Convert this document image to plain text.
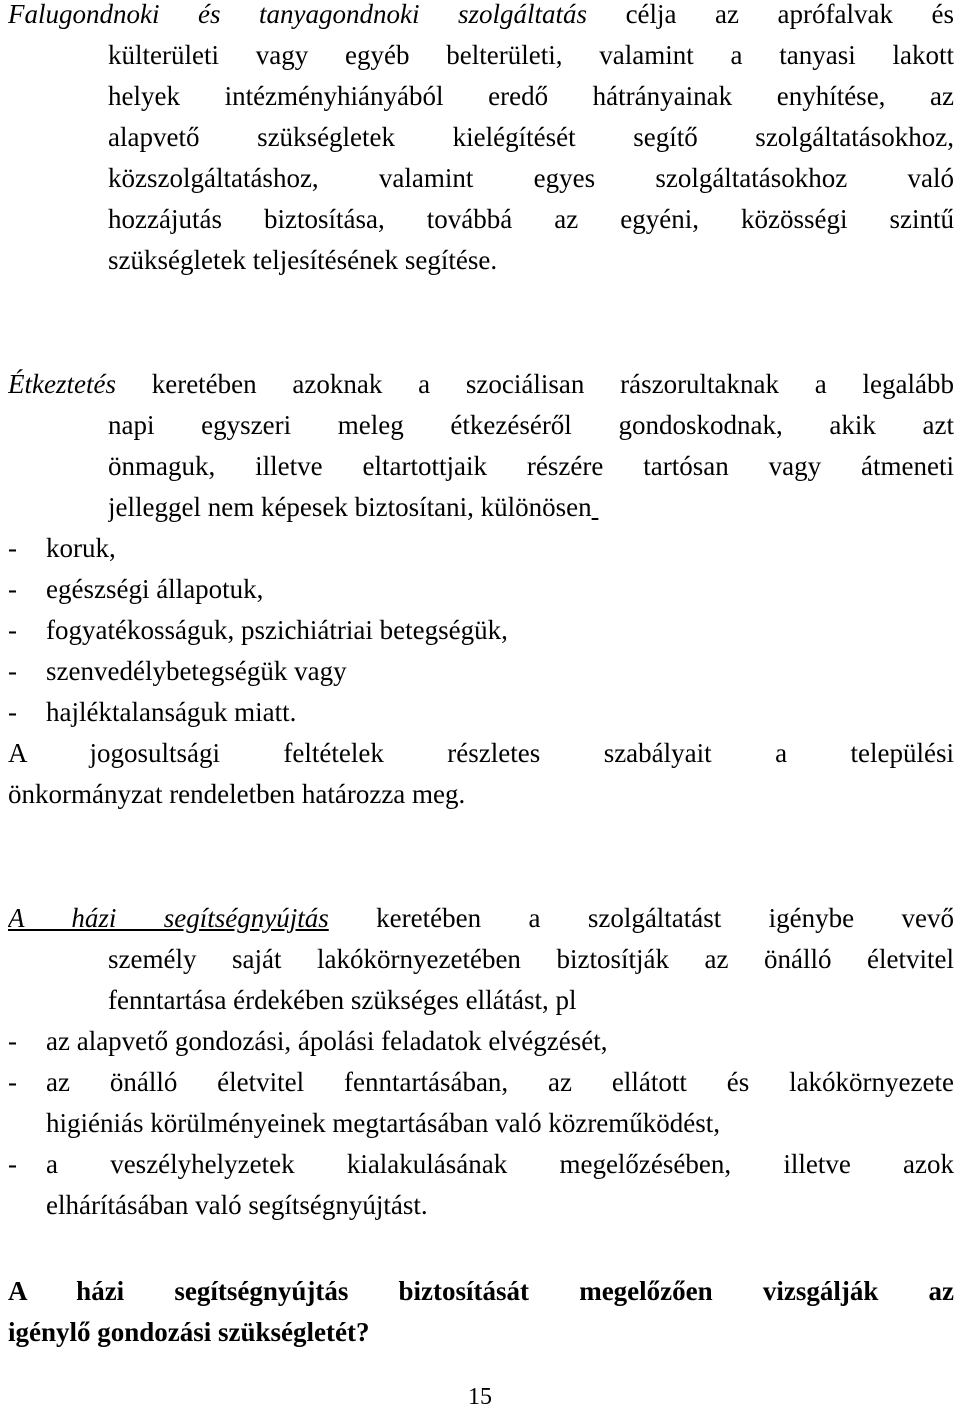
Falugondnoki és tanyagondnoki szolgáltatás célja az aprófalvak és
külterületi vagy egyéb belterületi, valamint a tanyasi lakott
helyek intézményhiányából eredő hátrányainak enyhítése, az
alapvető szükségletek kielégítését segítő szolgáltatásokhoz,
közszolgáltatáshoz, valamint egyes szolgáltatásokhoz való
hozzájutás biztosítása, továbbá az egyéni, közösségi szintű
szükségletek teljesítésének segítése.
Étkeztetés keretében azoknak a szociálisan rászorultaknak a legalább
napi egyszeri meleg étkezéséről gondoskodnak, akik azt
önmaguk, illetve eltartottjaik részére tartósan vagy átmeneti
jelleggel nem képesek biztosítani, különösen
- koruk,
- egészségi állapotuk,
- fogyatékosságuk, pszichiátriai betegségük,
- szenvedélybetegségük vagy
- hajléktalanságuk miatt.
A jogosultsági feltételek részletes szabályait a települési
önkormányzat rendeletben határozza meg.
A házi segítségnyújtás keretében a szolgáltatást igénybe vevő
személy saját lakókörnyezetében biztosítják az önálló életvitel
fenntartása érdekében szükséges ellátást, pl
- az alapvető gondozási, ápolási feladatok elvégzését,
- az önálló életvitel fenntartásában, az ellátott és lakókörnyezete
higiéniás körülményeinek megtartásában való közreműködést,
- a veszélyhelyzetek kialakulásának megelőzésében, illetve azok
elhárításában való segítségnyújtást.
A házi segítségnyújtás biztosítását megelőzően vizsgálják az
igénylő gondozási szükségletét?
15
